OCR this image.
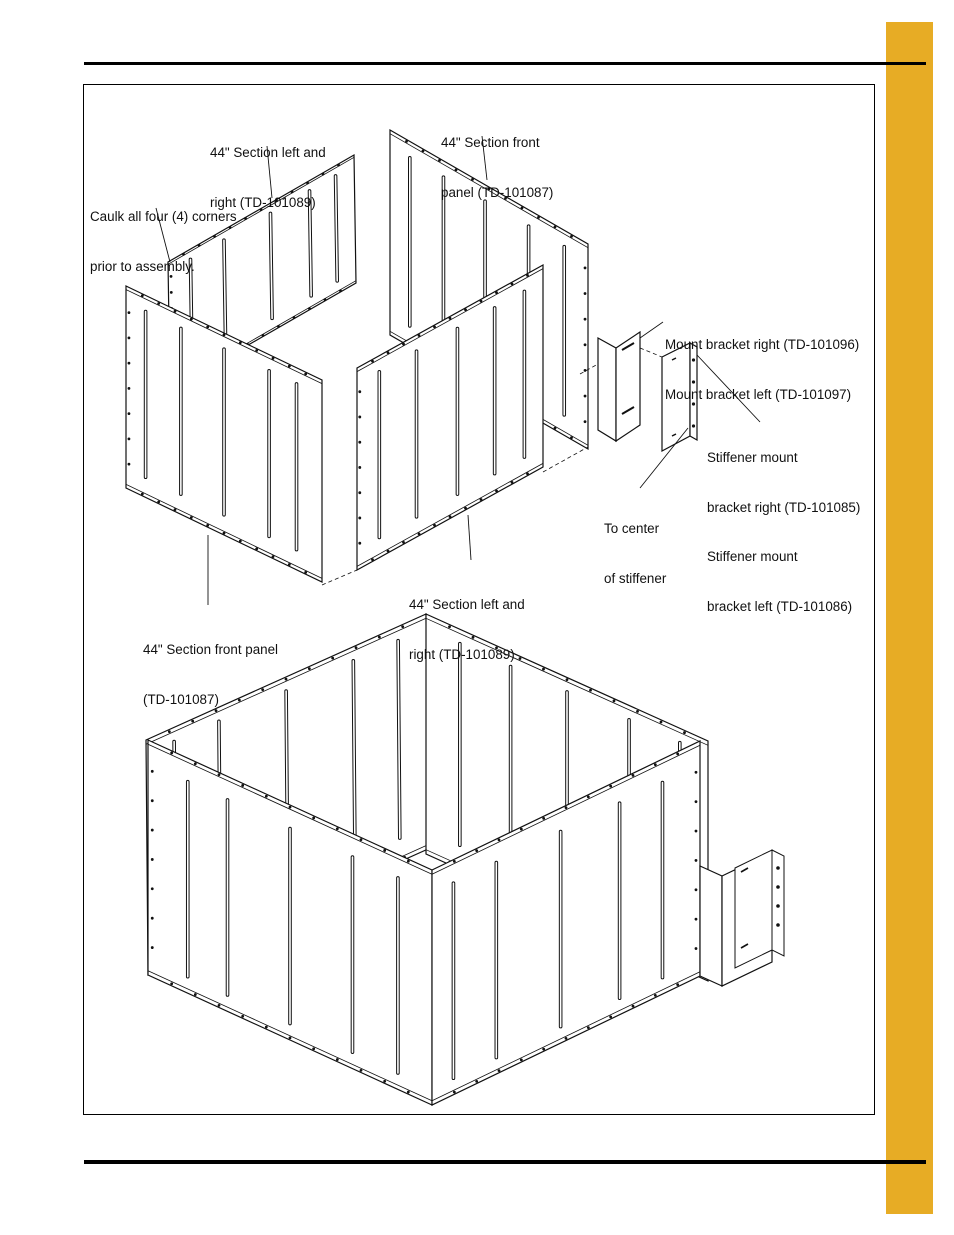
44" Section left and

right (TD-101089)

44" Section front

panel (TD-101087)

Caulk all four (4) corners

prior to assembly.

Mount bracket right (TD-101096)

Mount bracket left (TD-101097)

Stiffener mount

bracket right (TD-101085)

Stiffener mount

bracket left (TD-101086)

To center

of stiffener

44" Section left and

right (TD-101089)

44" Section front panel

(TD-101087)
